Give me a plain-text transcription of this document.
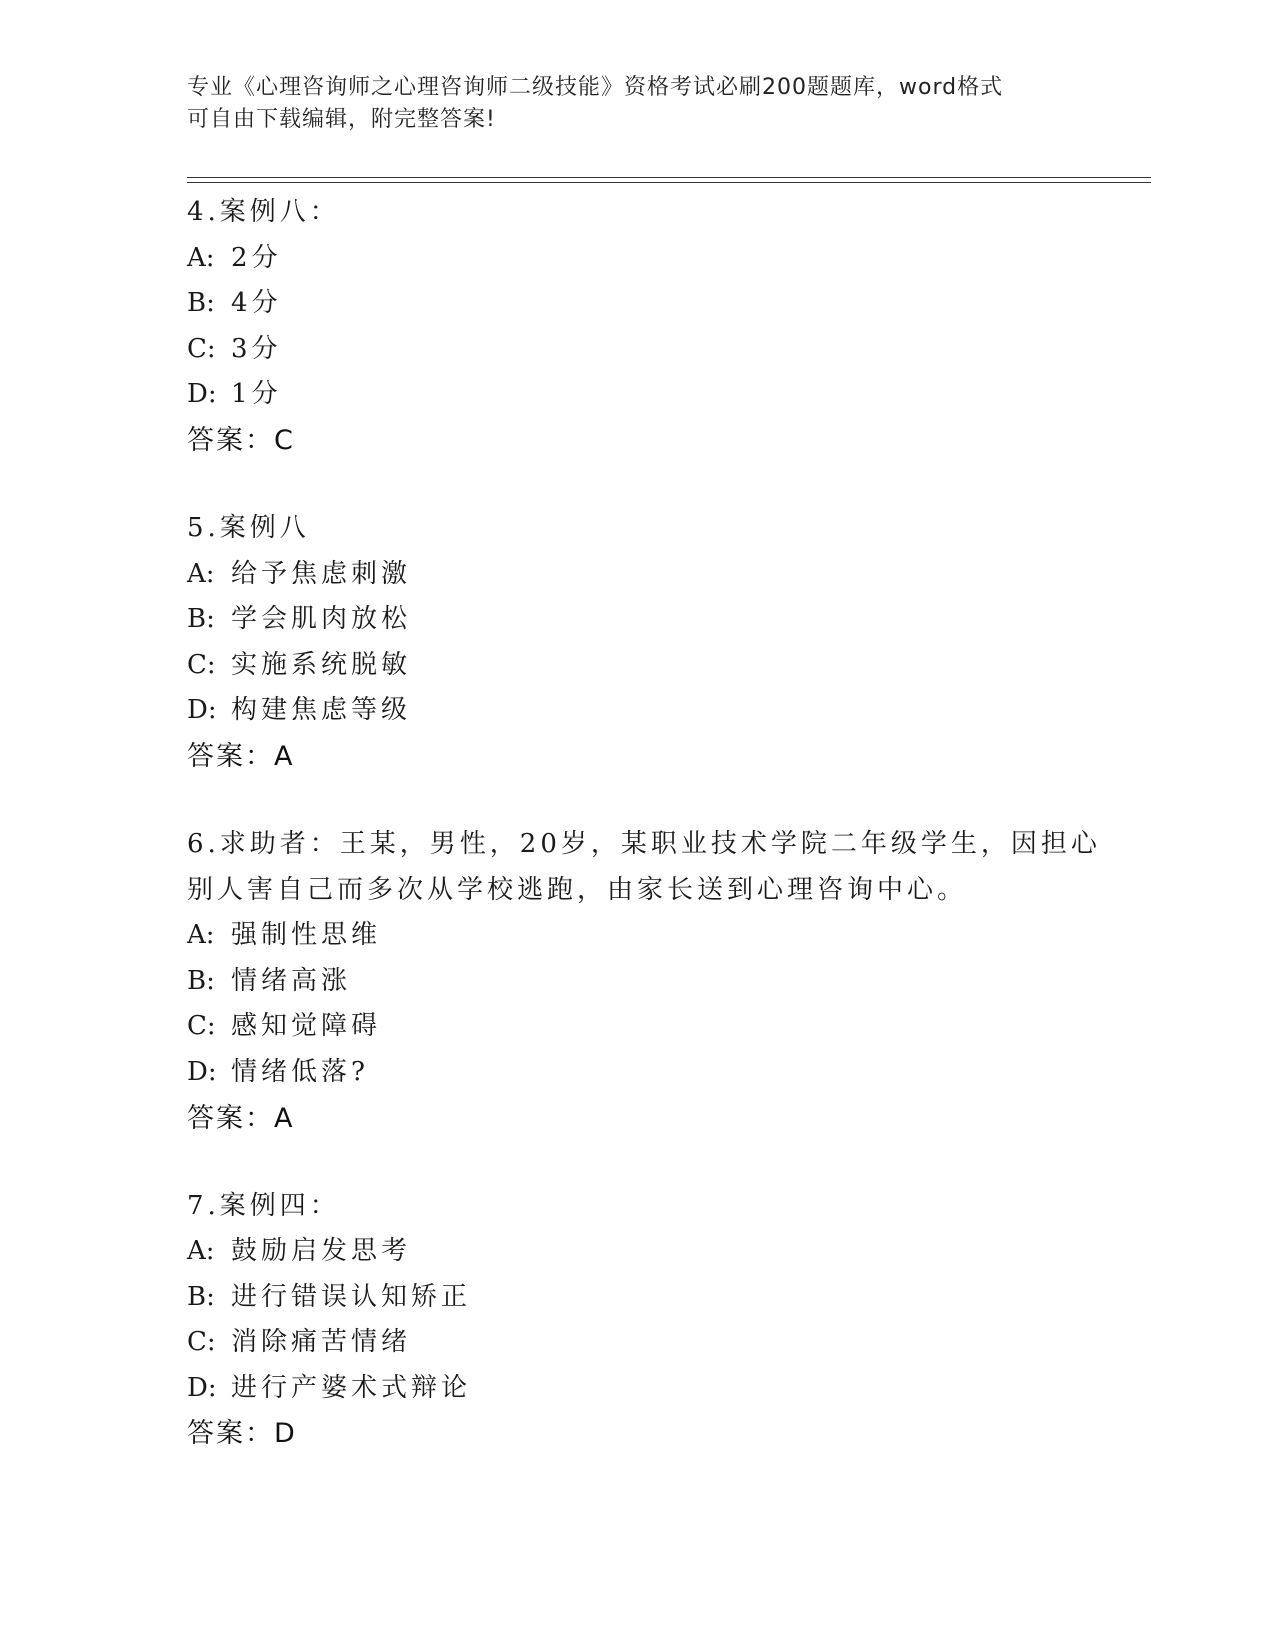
专业《心理咨询师之心理咨询师二级技能》资格考试必刷200题题库，word格式
可自由下载编辑，附完整答案!
4.案例八：
A: 2分
B: 4分
C: 3分
D: 1分
答案：C
5.案例八
A: 给予焦虑刺激
B: 学会肌肉放松
C: 实施系统脱敏
D: 构建焦虑等级
答案：A
6.求助者：王某，男性，20岁，某职业技术学院二年级学生，因担心
别人害自己而多次从学校逃跑，由家长送到心理咨询中心。
A: 强制性思维
B: 情绪高涨
C: 感知觉障碍
D: 情绪低落?
答案：A
7.案例四：
A: 鼓励启发思考
B: 进行错误认知矫正
C: 消除痛苦情绪
D: 进行产婆术式辩论
答案：D
